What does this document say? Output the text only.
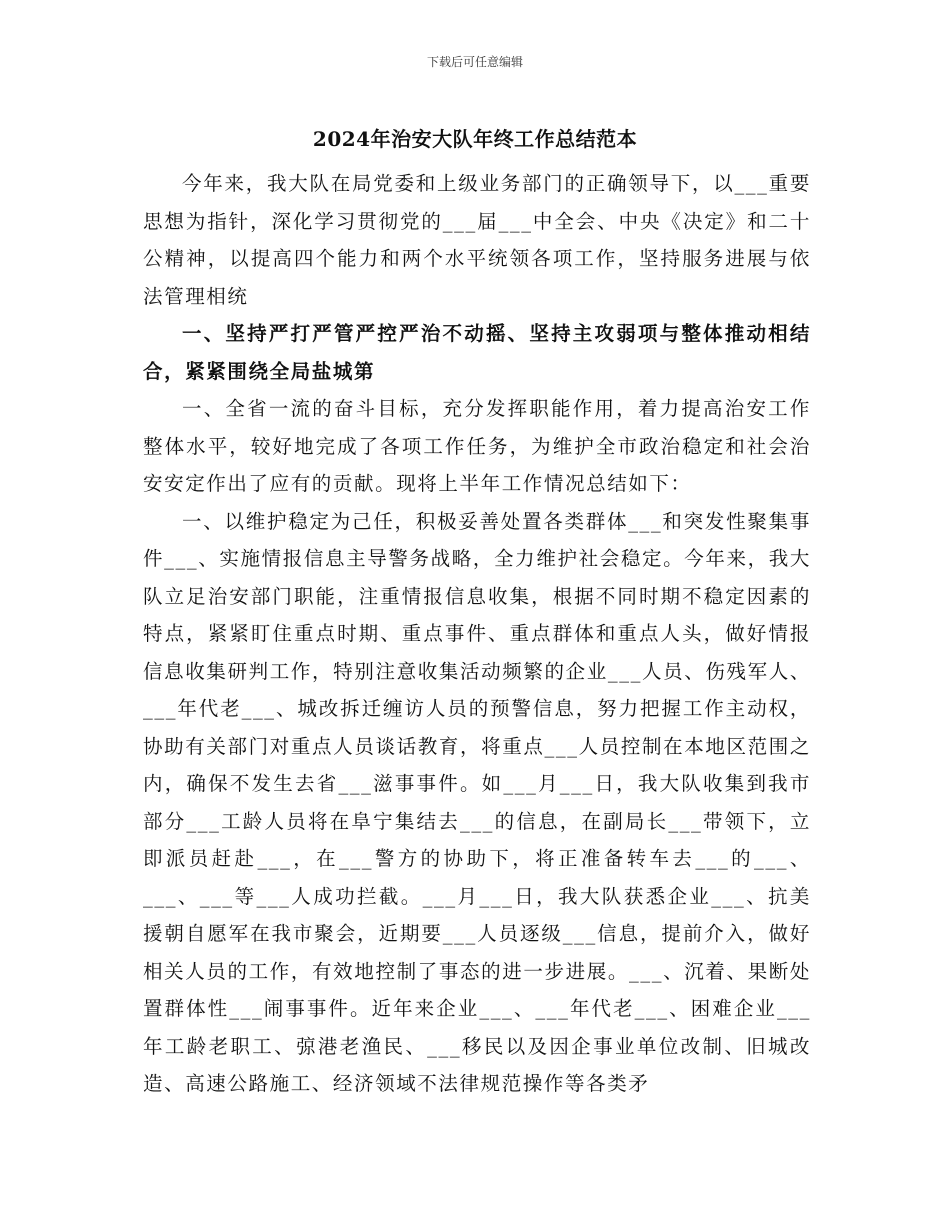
下载后可任意编辑
2024年治安大队年终工作总结范本

今年来，我大队在局党委和上级业务部门的正确领导下，以___重要思想为指针，深化学习贯彻党的___届___中全会、中央《决定》和二十公精神，以提高四个能力和两个水平统领各项工作，坚持服务进展与依法管理相统

一、坚持严打严管严控严治不动摇、坚持主攻弱项与整体推动相结合，紧紧围绕全局盐城第

一、全省一流的奋斗目标，充分发挥职能作用，着力提高治安工作整体水平，较好地完成了各项工作任务，为维护全市政治稳定和社会治安安定作出了应有的贡献。现将上半年工作情况总结如下：

一、以维护稳定为己任，积极妥善处置各类群体___和突发性聚集事件___、实施情报信息主导警务战略，全力维护社会稳定。今年来，我大队立足治安部门职能，注重情报信息收集，根据不同时期不稳定因素的特点，紧紧盯住重点时期、重点事件、重点群体和重点人头，做好情报信息收集研判工作，特别注意收集活动频繁的企业___人员、伤残军人、___年代老___、城改拆迁缠访人员的预警信息，努力把握工作主动权，协助有关部门对重点人员谈话教育，将重点___人员控制在本地区范围之内，确保不发生去省___滋事事件。如___月___日，我大队收集到我市部分___工龄人员将在阜宁集结去___的信息，在副局长___带领下，立即派员赶赴___，在___警方的协助下，将正准备转车去___的___、___、___等___人成功拦截。___月___日，我大队获悉企业___、抗美援朝自愿军在我市聚会，近期要___人员逐级___信息，提前介入，做好相关人员的工作，有效地控制了事态的进一步进展。___、沉着、果断处置群体性___闹事事件。近年来企业___、___年代老___、困难企业___年工龄老职工、弶港老渔民、___移民以及因企事业单位改制、旧城改造、高速公路施工、经济领域不法律规范操作等各类矛
